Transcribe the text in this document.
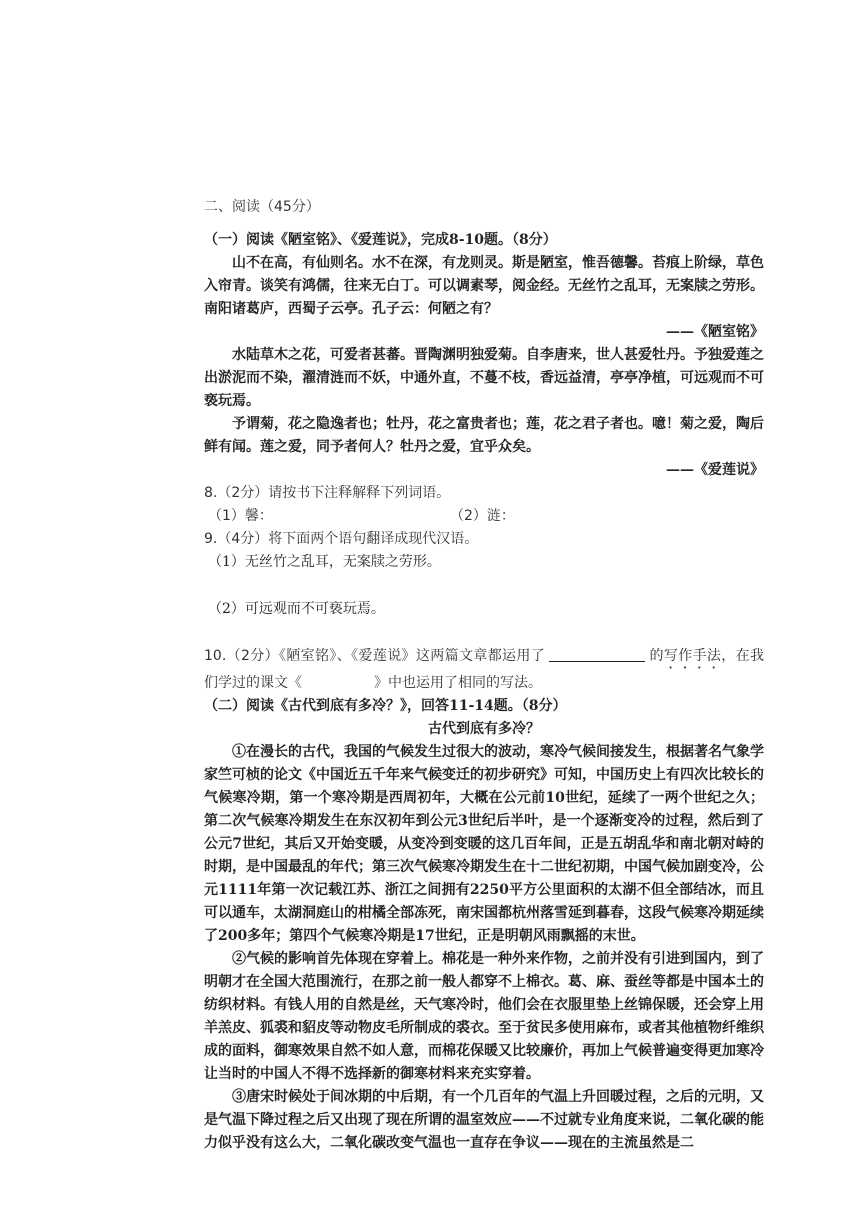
二、阅读（45分）

（一）阅读《陋室铭》、《爱莲说》，完成8-10题。（8分）

山不在高，有仙则名。水不在深，有龙则灵。斯是陋室，惟吾德馨。苔痕上阶绿，草色入帘青。谈笑有鸿儒，往来无白丁。可以调素琴，阅金经。无丝竹之乱耳，无案牍之劳形。南阳诸葛庐，西蜀子云亭。孔子云：何陋之有？

——《陋室铭》

水陆草木之花，可爱者甚蕃。晋陶渊明独爱菊。自李唐来，世人甚爱牡丹。予独爱莲之出淤泥而不染，濯清涟而不妖，中通外直，不蔓不枝，香远益清，亭亭净植，可远观而不可亵玩焉。

予谓菊，花之隐逸者也；牡丹，花之富贵者也；莲，花之君子者也。噫！菊之爱，陶后鲜有闻。莲之爱，同予者何人？牡丹之爱，宜乎众矣。

——《爱莲说》

8.（2分）请按书下注释解释下列词语。

（1）馨：	（2）涟：

9.（4分）将下面两个语句翻译成现代汉语。

（1）无丝竹之乱耳，无案牍之劳形。

（2）可远观而不可亵玩焉。

10.（2分）《陋室铭》、《爱莲说》这两篇文章都运用了	的写作手法，在我们学过的课文《	》中也运用了相同的写法。

（二）阅读《古代到底有多冷？》，回答11-14题。（8分）

古代到底有多冷？

①在漫长的古代，我国的气候发生过很大的波动，寒冷气候间接发生，根据著名气象学家竺可桢的论文《中国近五千年来气候变迁的初步研究》可知，中国历史上有四次比较长的气候寒冷期，第一个寒冷期是西周初年，大概在公元前10世纪，延续了一两个世纪之久；第二次气候寒冷期发生在东汉初年到公元3世纪后半叶，是一个逐渐变冷的过程，然后到了公元7世纪，其后又开始变暖，从变冷到变暖的这几百年间，正是五胡乱华和南北朝对峙的时期，是中国最乱的年代；第三次气候寒冷期发生在十二世纪初期，中国气候加剧变冷，公元1111年第一次记载江苏、浙江之间拥有2250平方公里面积的太湖不但全部结冰，而且可以通车，太湖洞庭山的柑橘全部冻死，南宋国都杭州落雪延到暮春，这段气候寒冷期延续了200多年；第四个气候寒冷期是17世纪，正是明朝风雨飘摇的末世。

②气候的影响首先体现在穿着上。棉花是一种外来作物，之前并没有引进到国内，到了明朝才在全国大范围流行，在那之前一般人都穿不上棉衣。葛、麻、蚕丝等都是中国本土的纺织材料。有钱人用的自然是丝，天气寒冷时，他们会在衣服里垫上丝锦保暖，还会穿上用羊羔皮、狐裘和貂皮等动物皮毛所制成的裘衣。至于贫民多使用麻布，或者其他植物纤维织成的面料，御寒效果自然不如人意，而棉花保暖又比较廉价，再加上气候普遍变得更加寒冷让当时的中国人不得不选择新的御寒材料来充实穿着。

③唐宋时候处于间冰期的中后期，有一个几百年的气温上升回暖过程，之后的元明，又是气温下降过程之后又出现了现在所谓的温室效应——不过就专业角度来说，二氧化碳的能力似乎没有这么大，二氧化碳改变气温也一直存在争议——现在的主流虽然是二
